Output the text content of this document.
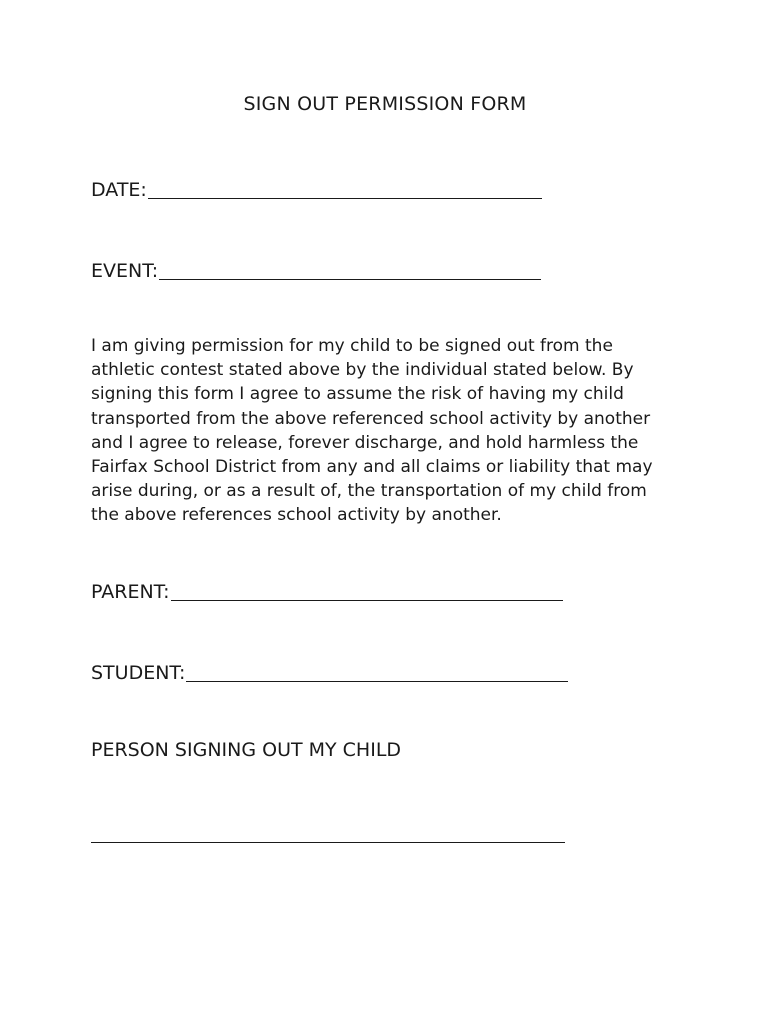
SIGN OUT PERMISSION FORM
DATE:
EVENT:

I am giving permission for my child to be signed out from the
athletic contest stated above by the individual stated below. By
signing this form I agree to assume the risk of having my child
transported from the above referenced school activity by another
and I agree to release, forever discharge, and hold harmless the
Fairfax School District from any and all claims or liability that may
arise during, or as a result of, the transportation of my child from
the above references school activity by another.

PARENT:
STUDENT:
PERSON SIGNING OUT MY CHILD
